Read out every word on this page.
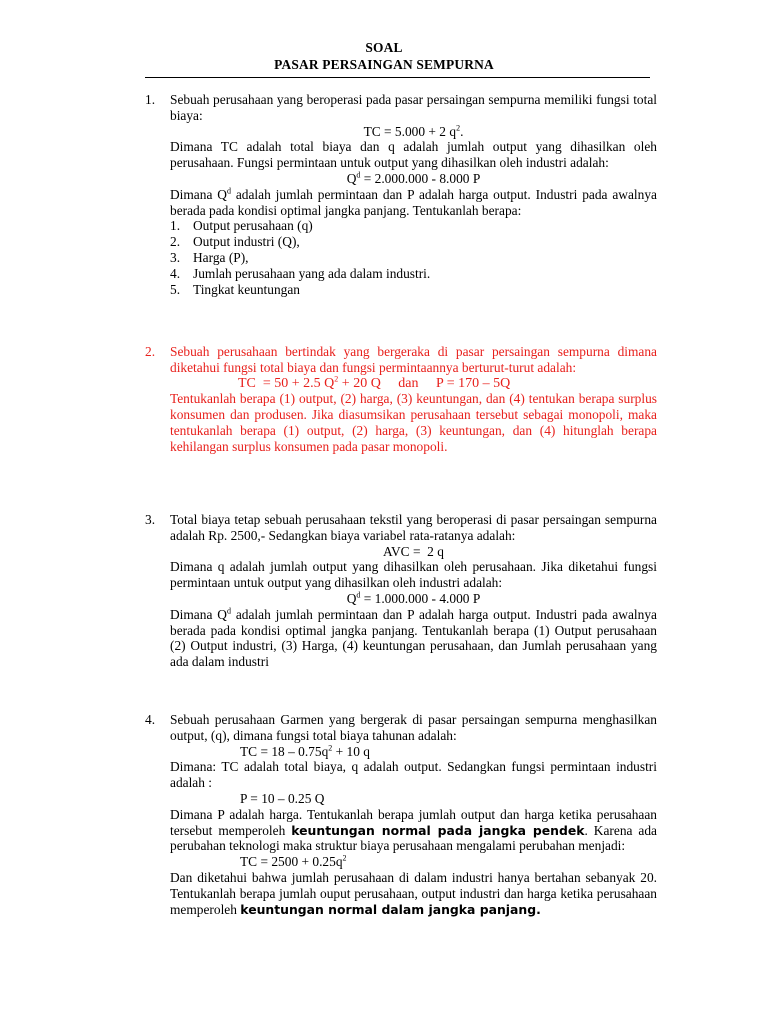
SOAL
PASAR PERSAINGAN SEMPURNA
1. Sebuah perusahaan yang beroperasi pada pasar persaingan sempurna memiliki fungsi total biaya:
TC = 5.000 + 2 $q^2$.
Dimana TC adalah total biaya dan q adalah jumlah output yang dihasilkan oleh perusahaan. Fungsi permintaan untuk output yang dihasilkan oleh industri adalah:
$Q^d = 2.000.000 - 8.000$ P
Dimana $Q^d$ adalah jumlah permintaan dan P adalah harga output. Industri pada awalnya berada pada kondisi optimal jangka panjang. Tentukanlah berapa:
1. Output perusahaan (q)
2. Output industri (Q),
3. Harga (P),
4. Jumlah perusahaan yang ada dalam industri.
5. Tingkat keuntungan
2. Sebuah perusahaan bertindak yang bergeraka di pasar persaingan sempurna dimana diketahui fungsi total biaya dan fungsi permintaannya berturut-turut adalah:
TC  = 50 + 2.5 $Q^2 + 20$ Q     dan     P = 170 – 5Q
Tentukanlah berapa (1) output, (2) harga, (3) keuntungan, dan (4) tentukan berapa surplus konsumen dan produsen. Jika diasumsikan perusahaan tersebut sebagai monopoli, maka tentukanlah berapa (1) output, (2) harga, (3) keuntungan, dan (4) hitunglah berapa kehilangan surplus konsumen pada pasar monopoli.
3. Total biaya tetap sebuah perusahaan tekstil yang beroperasi di pasar persaingan sempurna adalah Rp. 2500,- Sedangkan biaya variabel rata-ratanya adalah:
AVC =  2 q
Dimana q adalah jumlah output yang dihasilkan oleh perusahaan. Jika diketahui fungsi permintaan untuk output yang dihasilkan oleh industri adalah:
$Q^d = 1.000.000 - 4.000$ P
Dimana $Q^d$ adalah jumlah permintaan dan P adalah harga output. Industri pada awalnya berada pada kondisi optimal jangka panjang. Tentukanlah berapa (1) Output perusahaan (2) Output industri, (3) Harga, (4) keuntungan perusahaan, dan Jumlah perusahaan yang ada dalam industri
4. Sebuah perusahaan Garmen yang bergerak di pasar persaingan sempurna menghasilkan output, (q), dimana fungsi total biaya tahunan adalah:
TC = $18 - 0.75q^2 + 10$ q
Dimana: TC adalah total biaya, q adalah output. Sedangkan fungsi permintaan industri adalah :
P = 10 – 0.25 Q
Dimana P adalah harga. Tentukanlah berapa jumlah output dan harga ketika perusahaan tersebut memperoleh keuntungan normal pada jangka pendek. Karena ada perubahan teknologi maka struktur biaya perusahaan mengalami perubahan menjadi:
TC = $2500 + 0.25q^2$
Dan diketahui bahwa jumlah perusahaan di dalam industri hanya bertahan sebanyak 20. Tentukanlah berapa jumlah ouput perusahaan, output industri dan harga ketika perusahaan memperoleh keuntungan normal dalam jangka panjang.
